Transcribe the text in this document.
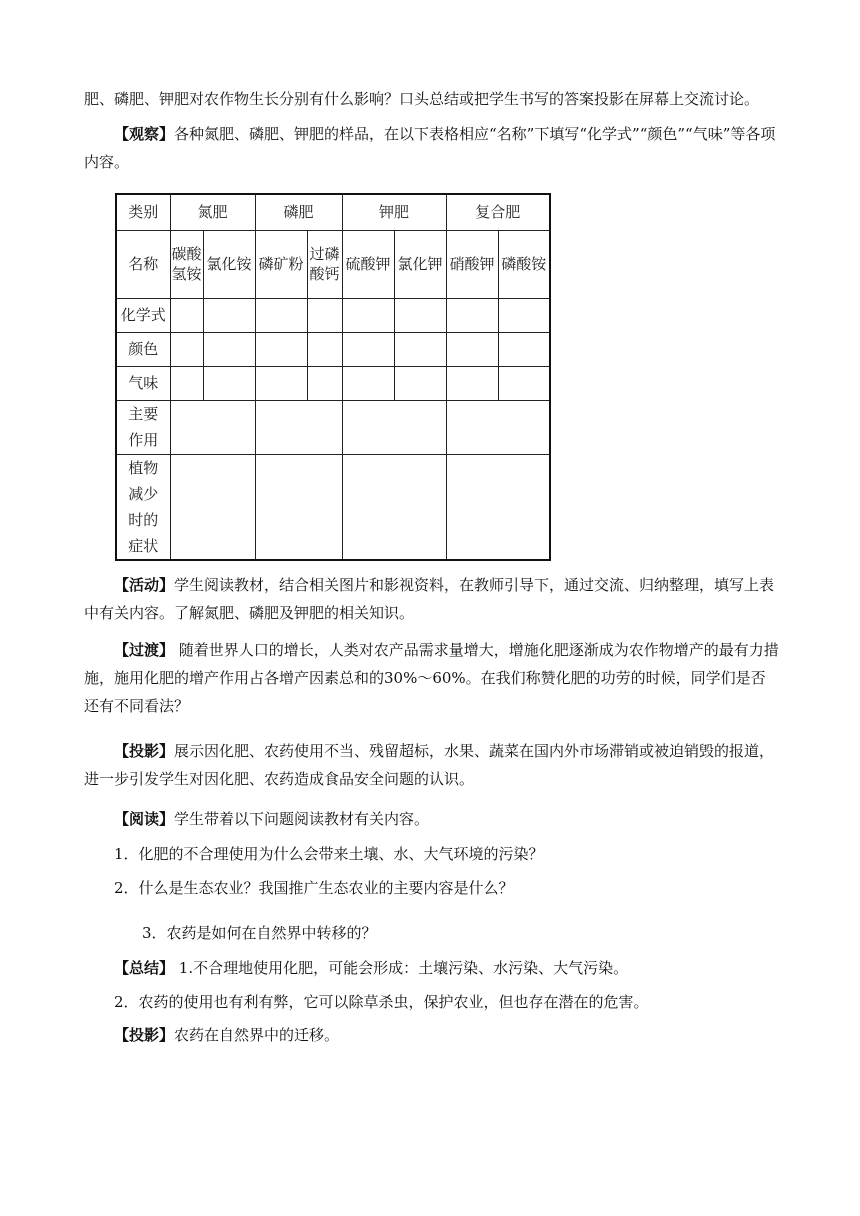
肥、磷肥、钾肥对农作物生长分别有什么影响？口头总结或把学生书写的答案投影在屏幕上交流讨论。

【观察】各种氮肥、磷肥、钾肥的样品，在以下表格相应“名称”下填写“化学式”“颜色”“气味”等各项内容。

类别	氮肥		磷肥		钾肥		复合肥	
名称	碳酸氢铵	氯化铵	磷矿粉	过磷酸钙	硫酸钾	氯化钾	硝酸钾	磷酸铵
化学式								
颜色								
气味								
主要作用								
植物减少时的症状								

【活动】学生阅读教材，结合相关图片和影视资料，在教师引导下，通过交流、归纳整理，填写上表中有关内容。了解氮肥、磷肥及钾肥的相关知识。

【过渡】 随着世界人口的增长，人类对农产品需求量增大，增施化肥逐渐成为农作物增产的最有力措施，施用化肥的增产作用占各增产因素总和的30%～60%。在我们称赞化肥的功劳的时候，同学们是否还有不同看法？

【投影】展示因化肥、农药使用不当、残留超标，水果、蔬菜在国内外市场滞销或被迫销毁的报道，进一步引发学生对因化肥、农药造成食品安全问题的认识。

【阅读】学生带着以下问题阅读教材有关内容。

1．化肥的不合理使用为什么会带来土壤、水、大气环境的污染？

2．什么是生态农业？我国推广生态农业的主要内容是什么？

3．农药是如何在自然界中转移的？

【总结】 1.不合理地使用化肥，可能会形成：土壤污染、水污染、大气污染。

2．农药的使用也有利有弊，它可以除草杀虫，保护农业，但也存在潜在的危害。

【投影】农药在自然界中的迁移。
